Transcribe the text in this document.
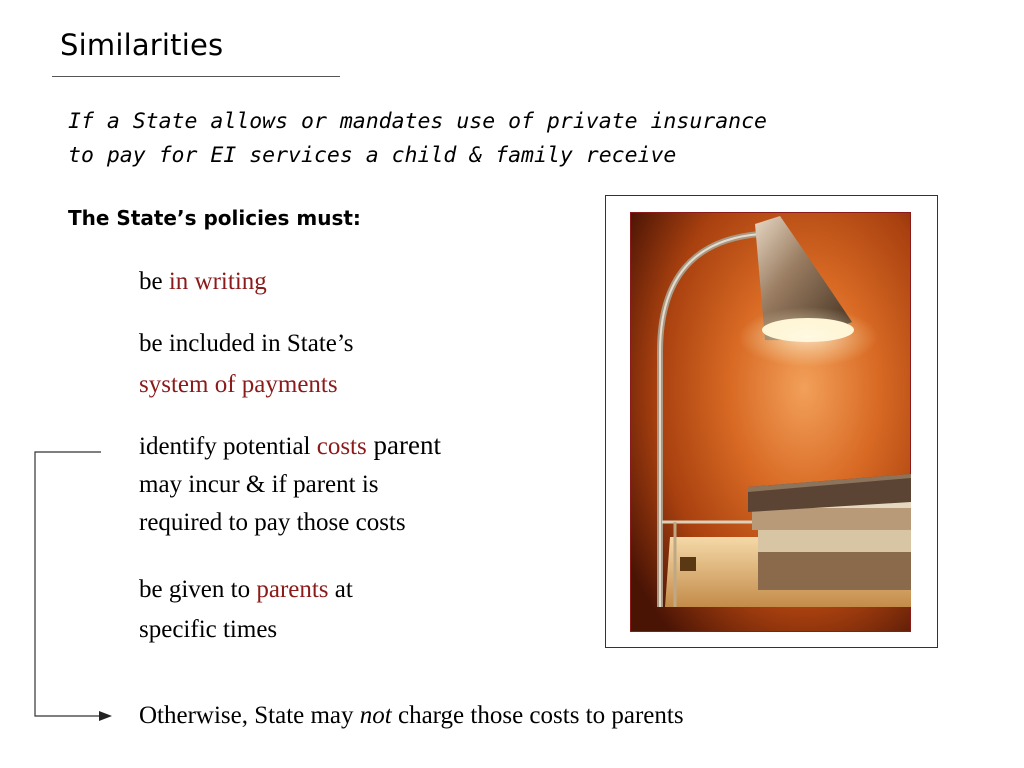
Similarities
If a State allows or mandates use of private insurance
to pay for EI services a child & family receive
The State’s policies must:
be in writing
be included in State’s
system of payments
identify potential costs parent
may incur & if parent is
required to pay those costs
be given to parents at
specific times
Otherwise, State may not charge those costs to parents
